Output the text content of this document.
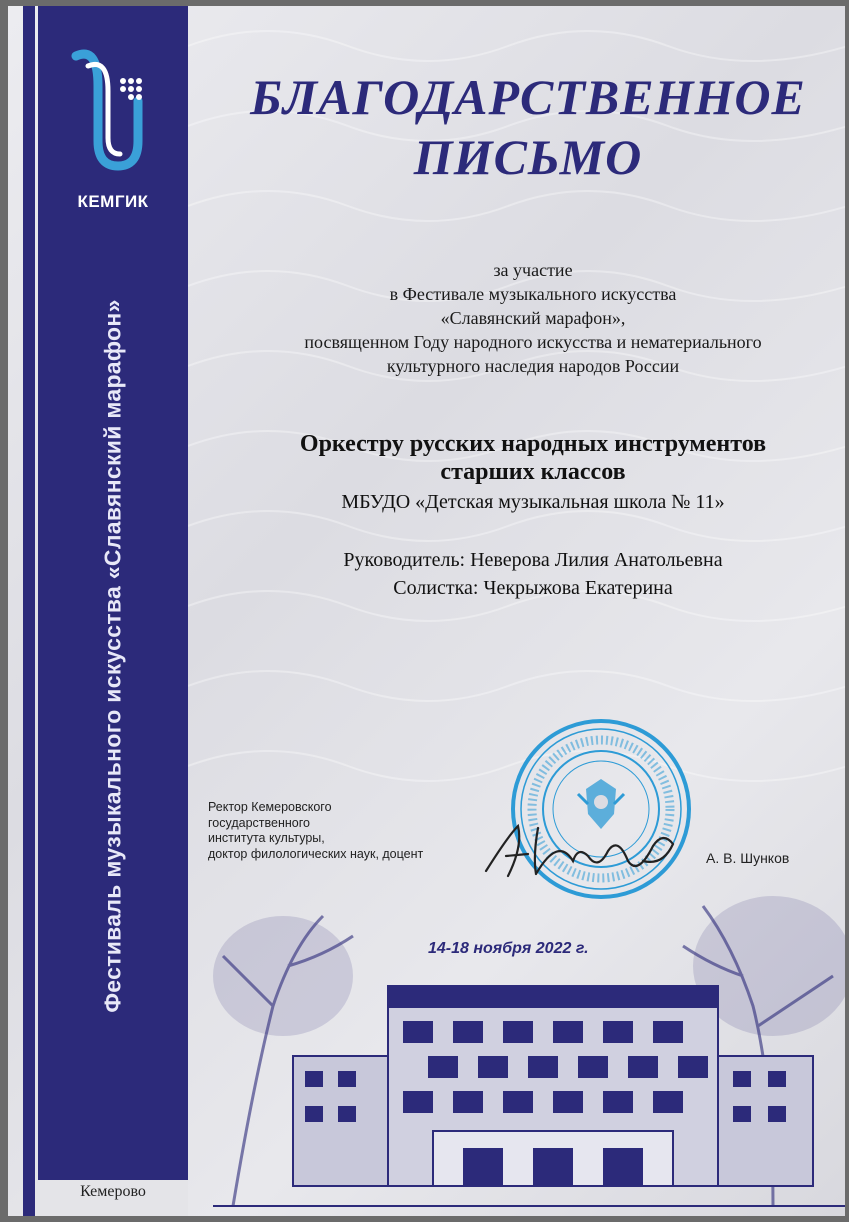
КЕМГИК
Фестиваль музыкального искусства «Славянский марафон»
Кемерово
БЛАГОДАРСТВЕННОЕ
ПИСЬМО
за участие
в Фестивале музыкального искусства
«Славянский марафон»,
посвященном Году народного искусства и нематериального
культурного наследия народов России
Оркестру русских народных инструментов
старших классов
МБУДО «Детская музыкальная школа № 11»
Руководитель: Неверова Лилия Анатольевна
Солистка: Чекрыжова Екатерина
Ректор Кемеровского
государственного
института культуры,
доктор филологических наук, доцент	А. В. Шунков
14-18 ноября 2022 г.
